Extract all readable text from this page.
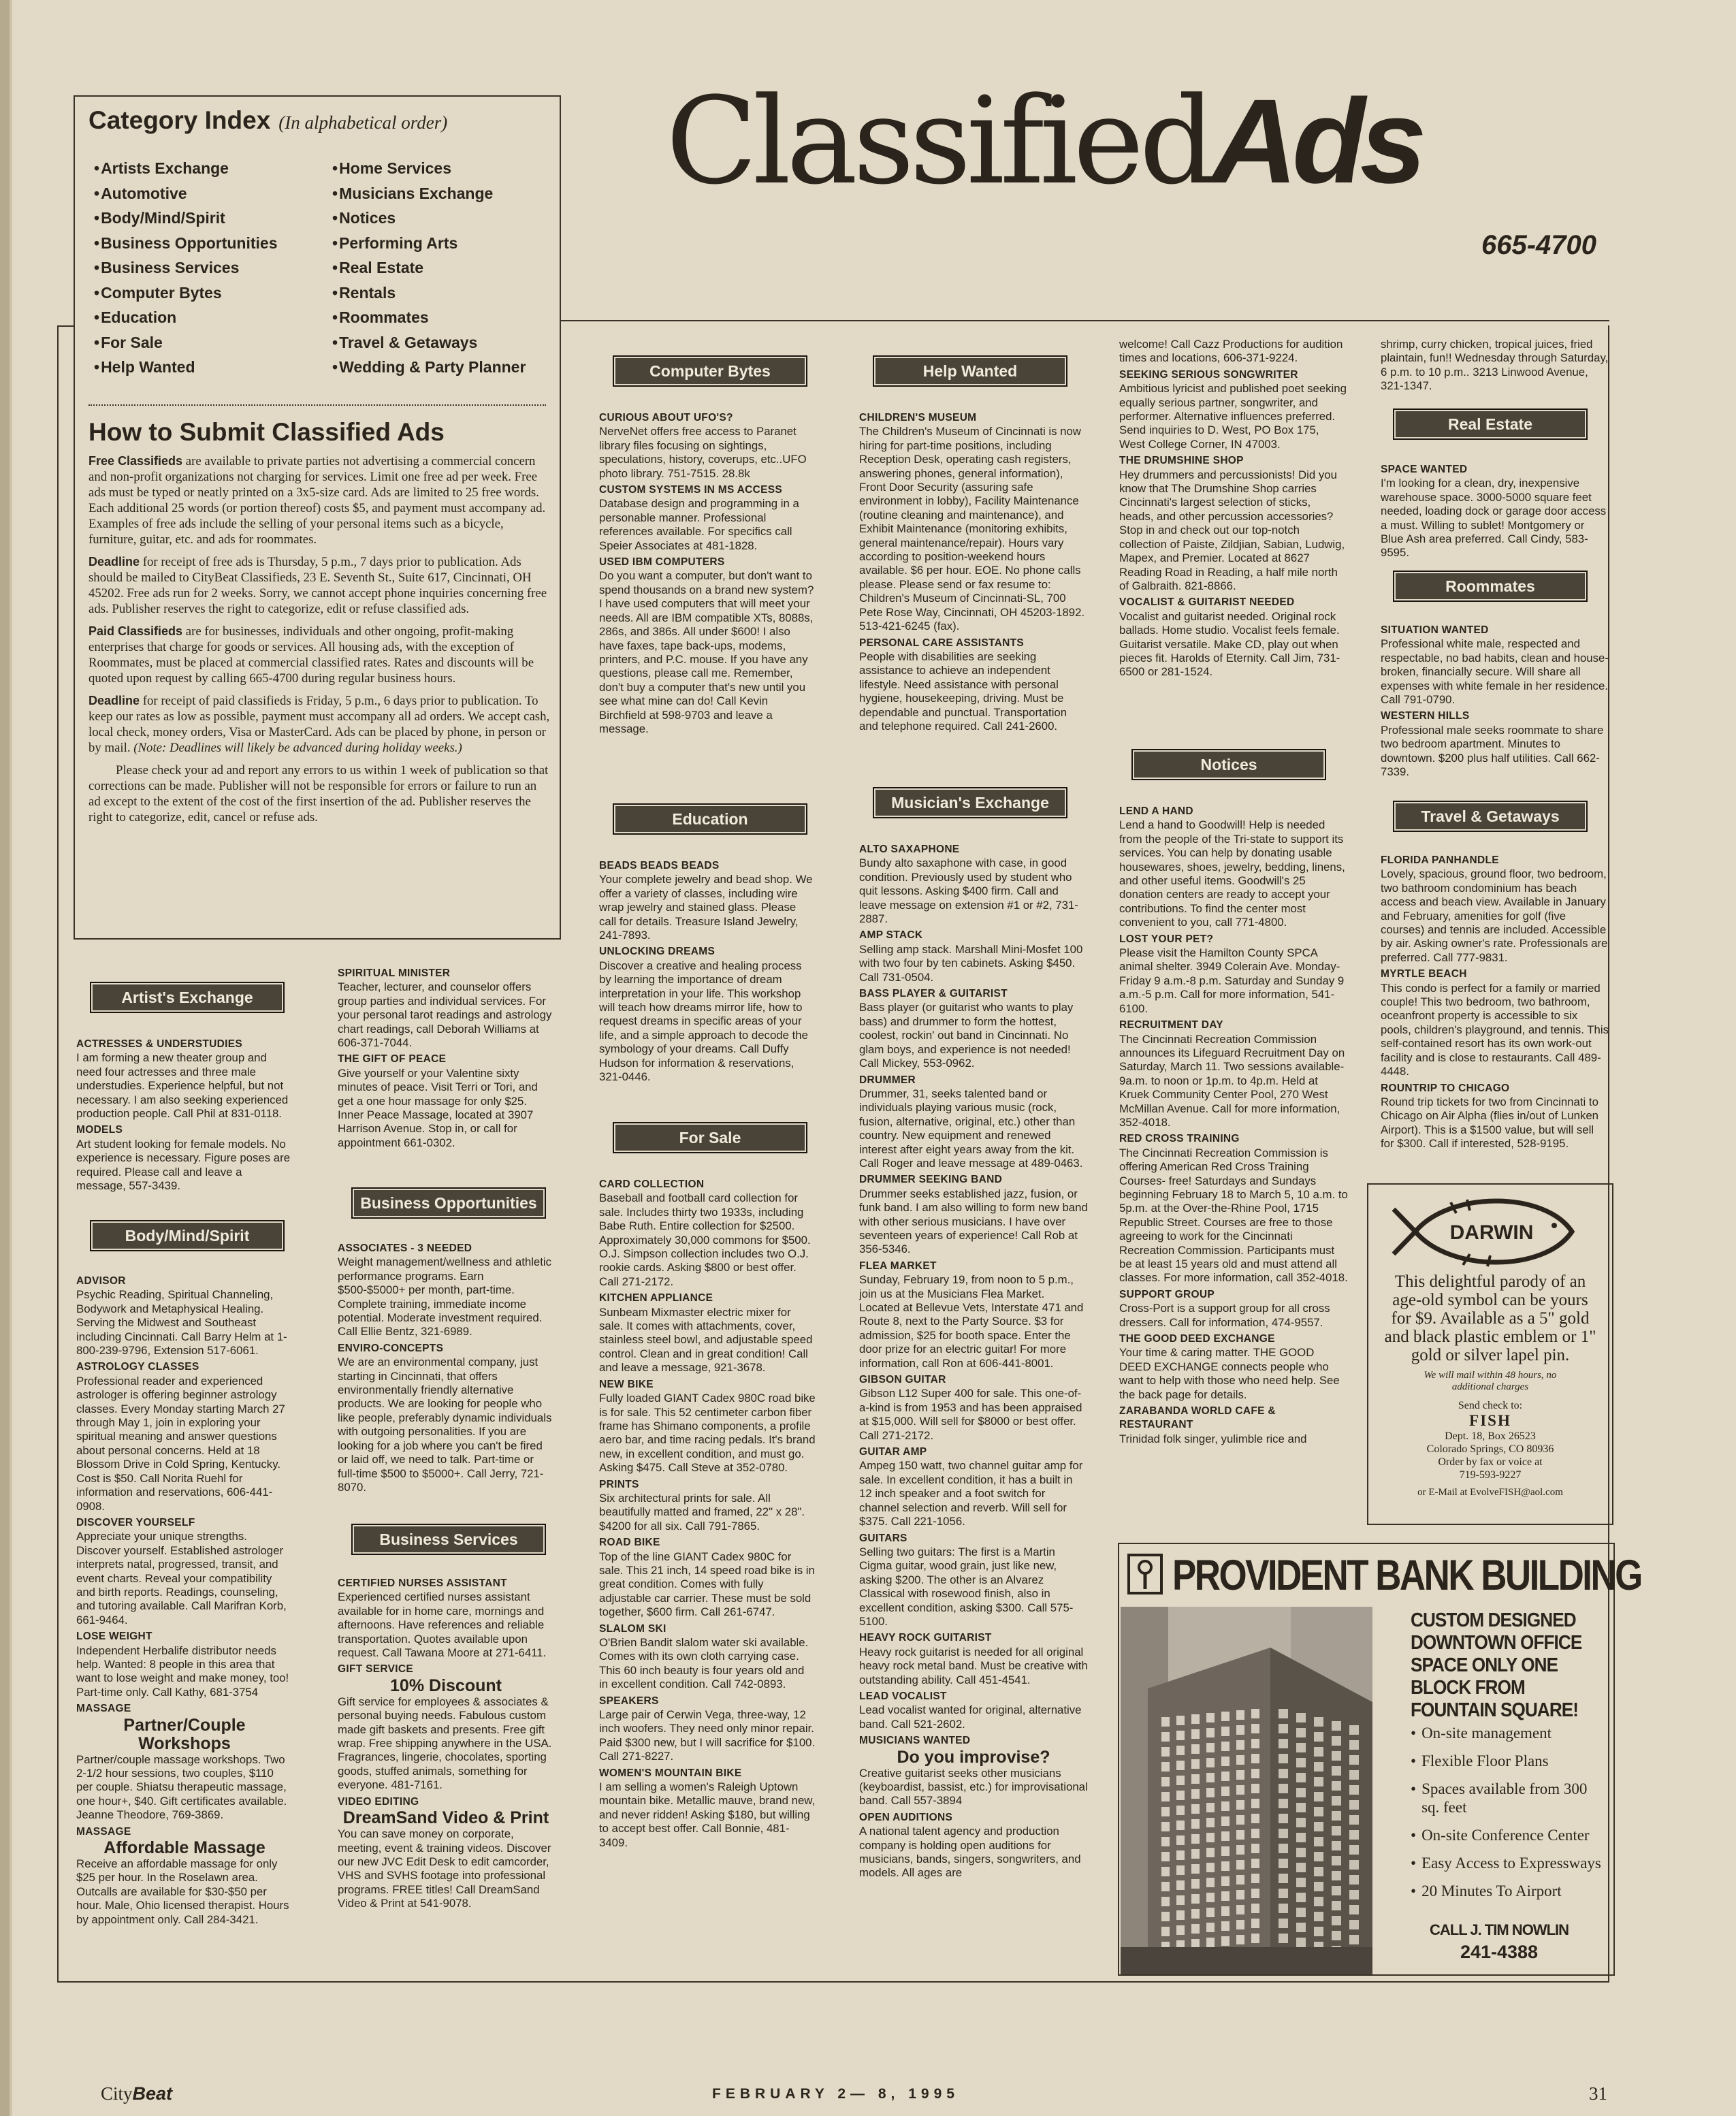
Category Index (In alphabetical order)
• Artists Exchange
• Automotive
• Body/Mind/Spirit
• Business Opportunities
• Business Services
• Computer Bytes
• Education
• For Sale
• Help Wanted
• Home Services
• Musicians Exchange
• Notices
• Performing Arts
• Real Estate
• Rentals
• Roommates
• Travel & Getaways
• Wedding & Party Planner
How to Submit Classified Ads

Free Classifieds are available to private parties not advertising a commercial concern and non-profit organizations not charging for services. Limit one free ad per week. Free ads must be typed or neatly printed on a 3x5-size card. Ads are limited to 25 free words. Each additional 25 words (or portion thereof) costs $5, and payment must accompany ad. Examples of free ads include the selling of your personal items such as a bicycle, furniture, guitar, etc. and ads for roommates.

Deadline for receipt of free ads is Thursday, 5 p.m., 7 days prior to publication. Ads should be mailed to CityBeat Classifieds, 23 E. Seventh St., Suite 617, Cincinnati, OH 45202. Free ads run for 2 weeks. Sorry, we cannot accept phone inquiries concerning free ads. Publisher reserves the right to categorize, edit or refuse classified ads.

Paid Classifieds are for businesses, individuals and other ongoing, profit-making enterprises that charge for goods or services. All housing ads, with the exception of Roommates, must be placed at commercial classified rates. Rates and discounts will be quoted upon request by calling 665-4700 during regular business hours.

Deadline for receipt of paid classifieds is Friday, 5 p.m., 6 days prior to publication. To keep our rates as low as possible, payment must accompany all ad orders. We accept cash, local check, money orders, Visa or MasterCard. Ads can be placed by phone, in person or by mail. (Note: Deadlines will likely be advanced during holiday weeks.)

Please check your ad and report any errors to us within 1 week of publication so that corrections can be made. Publisher will not be responsible for errors or failure to run an ad except to the extent of the cost of the first insertion of the ad. Publisher reserves the right to categorize, edit, cancel or refuse ads.

ClassifiedAds
665-4700
Artist's Exchange
Body/Mind/Spirit
Business Opportunities
Business Services
Computer Bytes
Education
For Sale
Help Wanted
Musician's Exchange
Notices
Real Estate
Roommates
Travel & Getaways
ACTRESSES & UNDERSTUDIES
I am forming a new theater group and need four actresses and three male understudies. Experience helpful, but not necessary. I am also seeking experienced production people. Call Phil at 831-0118.
MODELS
Art student looking for female models. No experience is necessary. Figure poses are required. Please call and leave a message, 557-3439.
ADVISOR
Psychic Reading, Spiritual Channeling, Bodywork and Metaphysical Healing. Serving the Midwest and Southeast including Cincinnati. Call Barry Helm at 1-800-239-9796, Extension 517-6061.
ASTROLOGY CLASSES
Professional reader and experienced astrologer is offering beginner astrology classes. Every Monday starting March 27 through May 1, join in exploring your spiritual meaning and answer questions about personal concerns. Held at 18 Blossom Drive in Cold Spring, Kentucky. Cost is $50. Call Norita Ruehl for information and reservations, 606-441-0908.
DISCOVER YOURSELF
Appreciate your unique strengths. Discover yourself. Established astrologer interprets natal, progressed, transit, and event charts. Reveal your compatibility and birth reports. Readings, counseling, and tutoring available. Call Marifran Korb, 661-9464.
LOSE WEIGHT
Independent Herbalife distributor needs help. Wanted: 8 people in this area that want to lose weight and make money, too! Part-time only. Call Kathy, 681-3754
MASSAGE
Partner/Couple Workshops
Partner/couple massage workshops. Two 2-1/2 hour sessions, two couples, $110 per couple. Shiatsu therapeutic massage, one hour+, $40. Gift certificates available. Jeanne Theodore, 769-3869.
MASSAGE
Affordable Massage
Receive an affordable massage for only $25 per hour. In the Roselawn area. Outcalls are available for $30-$50 per hour. Male, Ohio licensed therapist. Hours by appointment only. Call 284-3421.
SPIRITUAL MINISTER
Teacher, lecturer, and counselor offers group parties and individual services. For your personal tarot readings and astrology chart readings, call Deborah Williams at 606-371-7044.
THE GIFT OF PEACE
Give yourself or your Valentine sixty minutes of peace. Visit Terri or Tori, and get a one hour massage for only $25. Inner Peace Massage, located at 3907 Harrison Avenue. Stop in, or call for appointment 661-0302.
ASSOCIATES - 3 NEEDED
Weight management/wellness and athletic performance programs. Earn $500-$5000+ per month, part-time. Complete training, immediate income potential. Moderate investment required. Call Ellie Bentz, 321-6989.
ENVIRO-CONCEPTS
We are an environmental company, just starting in Cincinnati, that offers environmentally friendly alternative products. We are looking for people who like people, preferably dynamic individuals with outgoing personalities. If you are looking for a job where you can't be fired or laid off, we need to talk. Part-time or full-time $500 to $5000+. Call Jerry, 721-8070.
CERTIFIED NURSES ASSISTANT
Experienced certified nurses assistant available for in home care, mornings and afternoons. Have references and reliable transportation. Quotes available upon request. Call Tawana Moore at 271-6411.
GIFT SERVICE
10% Discount
Gift service for employees & associates & personal buying needs. Fabulous custom made gift baskets and presents. Free gift wrap. Free shipping anywhere in the USA. Fragrances, lingerie, chocolates, sporting goods, stuffed animals, something for everyone. 481-7161.
VIDEO EDITING
DreamSand Video & Print
You can save money on corporate, meeting, event & training videos. Discover our new JVC Edit Desk to edit camcorder, VHS and SVHS footage into professional programs. FREE titles! Call DreamSand Video & Print at 541-9078.
CURIOUS ABOUT UFO'S?
NerveNet offers free access to Paranet library files focusing on sightings, speculations, history, coverups, etc..UFO photo library. 751-7515. 28.8k
CUSTOM SYSTEMS IN MS ACCESS
Database design and programming in a personable manner. Professional references available. For specifics call Speier Associates at 481-1828.
USED IBM COMPUTERS
Do you want a computer, but don't want to spend thousands on a brand new system? I have used computers that will meet your needs. All are IBM compatible XTs, 8088s, 286s, and 386s. All under $600! I also have faxes, tape back-ups, modems, printers, and P.C. mouse. If you have any questions, please call me. Remember, don't buy a computer that's new until you see what mine can do! Call Kevin Birchfield at 598-9703 and leave a message.
BEADS BEADS BEADS
Your complete jewelry and bead shop. We offer a variety of classes, including wire wrap jewelry and stained glass. Please call for details. Treasure Island Jewelry, 241-7893.
UNLOCKING DREAMS
Discover a creative and healing process by learning the importance of dream interpretation in your life. This workshop will teach how dreams mirror life, how to request dreams in specific areas of your life, and a simple approach to decode the symbology of your dreams. Call Duffy Hudson for information & reservations, 321-0446.
CARD COLLECTION
Baseball and football card collection for sale. Includes thirty two 1933s, including Babe Ruth. Entire collection for $2500. Approximately 30,000 commons for $500. O.J. Simpson collection includes two O.J. rookie cards. Asking $800 or best offer. Call 271-2172.
KITCHEN APPLIANCE
Sunbeam Mixmaster electric mixer for sale. It comes with attachments, cover, stainless steel bowl, and adjustable speed control. Clean and in great condition! Call and leave a message, 921-3678.
NEW BIKE
Fully loaded GIANT Cadex 980C road bike is for sale. This 52 centimeter carbon fiber frame has Shimano components, a profile aero bar, and time racing pedals. It's brand new, in excellent condition, and must go. Asking $475. Call Steve at 352-0780.
PRINTS
Six architectural prints for sale. All beautifully matted and framed, 22" x 28". $4200 for all six. Call 791-7865.
ROAD BIKE
Top of the line GIANT Cadex 980C for sale. This 21 inch, 14 speed road bike is in great condition. Comes with fully adjustable car carrier. These must be sold together, $600 firm. Call 261-6747.
SLALOM SKI
O'Brien Bandit slalom water ski available. Comes with its own cloth carrying case. This 60 inch beauty is four years old and in excellent condition. Call 742-0893.
SPEAKERS
Large pair of Cerwin Vega, three-way, 12 inch woofers. They need only minor repair. Paid $300 new, but I will sacrifice for $100. Call 271-8227.
WOMEN'S MOUNTAIN BIKE
I am selling a women's Raleigh Uptown mountain bike. Metallic mauve, brand new, and never ridden! Asking $180, but willing to accept best offer. Call Bonnie, 481-3409.
CHILDREN'S MUSEUM
The Children's Museum of Cincinnati is now hiring for part-time positions, including Reception Desk, operating cash registers, answering phones, general information), Front Door Security (assuring safe environment in lobby), Facility Maintenance (routine cleaning and maintenance), and Exhibit Maintenance (monitoring exhibits, general maintenance/repair). Hours vary according to position-weekend hours available. $6 per hour. EOE. No phone calls please. Please send or fax resume to: Children's Museum of Cincinnati-SL, 700 Pete Rose Way, Cincinnati, OH 45203-1892. 513-421-6245 (fax).
PERSONAL CARE ASSISTANTS
People with disabilities are seeking assistance to achieve an independent lifestyle. Need assistance with personal hygiene, housekeeping, driving. Must be dependable and punctual. Transportation and telephone required. Call 241-2600.
ALTO SAXAPHONE
Bundy alto saxaphone with case, in good condition. Previously used by student who quit lessons. Asking $400 firm. Call and leave message on extension #1 or #2, 731-2887.
AMP STACK
Selling amp stack. Marshall Mini-Mosfet 100 with two four by ten cabinets. Asking $450. Call 731-0504.
BASS PLAYER & GUITARIST
Bass player (or guitarist who wants to play bass) and drummer to form the hottest, coolest, rockin' out band in Cincinnati. No glam boys, and experience is not needed! Call Mickey, 553-0962.
DRUMMER
Drummer, 31, seeks talented band or individuals playing various music (rock, fusion, alternative, original, etc.) other than country. New equipment and renewed interest after eight years away from the kit. Call Roger and leave message at 489-0463.
DRUMMER SEEKING BAND
Drummer seeks established jazz, fusion, or funk band. I am also willing to form new band with other serious musicians. I have over seventeen years of experience! Call Rob at 356-5346.
FLEA MARKET
Sunday, February 19, from noon to 5 p.m., join us at the Musicians Flea Market. Located at Bellevue Vets, Interstate 471 and Route 8, next to the Party Source. $3 for admission, $25 for booth space. Enter the door prize for an electric guitar! For more information, call Ron at 606-441-8001.
GIBSON GUITAR
Gibson L12 Super 400 for sale. This one-of-a-kind is from 1953 and has been appraised at $15,000. Will sell for $8000 or best offer. Call 271-2172.
GUITAR AMP
Ampeg 150 watt, two channel guitar amp for sale. In excellent condition, it has a built in 12 inch speaker and a foot switch for channel selection and reverb. Will sell for $375. Call 221-1056.
GUITARS
Selling two guitars: The first is a Martin Cigma guitar, wood grain, just like new, asking $200. The other is an Alvarez Classical with rosewood finish, also in excellent condition, asking $300. Call 575-5100.
HEAVY ROCK GUITARIST
Heavy rock guitarist is needed for all original heavy rock metal band. Must be creative with outstanding ability. Call 451-4541.
LEAD VOCALIST
Lead vocalist wanted for original, alternative band. Call 521-2602.
MUSICIANS WANTED
Do you improvise?
Creative guitarist seeks other musicians (keyboardist, bassist, etc.) for improvisational band. Call 557-3894
OPEN AUDITIONS
A national talent agency and production company is holding open auditions for musicians, bands, singers, songwriters, and models. All ages are
welcome! Call Cazz Productions for audition times and locations, 606-371-9224.
SEEKING SERIOUS SONGWRITER
Ambitious lyricist and published poet seeking equally serious partner, songwriter, and performer. Alternative influences preferred. Send inquiries to D. West, PO Box 175, West College Corner, IN 47003.
THE DRUMSHINE SHOP
Hey drummers and percussionists! Did you know that The Drumshine Shop carries Cincinnati's largest selection of sticks, heads, and other percussion accessories? Stop in and check out our top-notch collection of Paiste, Zildjian, Sabian, Ludwig, Mapex, and Premier. Located at 8627 Reading Road in Reading, a half mile north of Galbraith. 821-8866.
VOCALIST & GUITARIST NEEDED
Vocalist and guitarist needed. Original rock ballads. Home studio. Vocalist feels female. Guitarist versatile. Make CD, play out when pieces fit. Harolds of Eternity. Call Jim, 731-6500 or 281-1524.
LEND A HAND
Lend a hand to Goodwill! Help is needed from the people of the Tri-state to support its services. You can help by donating usable housewares, shoes, jewelry, bedding, linens, and other useful items. Goodwill's 25 donation centers are ready to accept your contributions. To find the center most convenient to you, call 771-4800.
LOST YOUR PET?
Please visit the Hamilton County SPCA animal shelter. 3949 Colerain Ave. Monday-Friday 9 a.m.-8 p.m. Saturday and Sunday 9 a.m.-5 p.m. Call for more information, 541-6100.
RECRUITMENT DAY
The Cincinnati Recreation Commission announces its Lifeguard Recruitment Day on Saturday, March 11. Two sessions available- 9a.m. to noon or 1p.m. to 4p.m. Held at Kruek Community Center Pool, 270 West McMillan Avenue. Call for more information, 352-4018.
RED CROSS TRAINING
The Cincinnati Recreation Commission is offering American Red Cross Training Courses- free! Saturdays and Sundays beginning February 18 to March 5, 10 a.m. to 5p.m. at the Over-the-Rhine Pool, 1715 Republic Street. Courses are free to those agreeing to work for the Cincinnati Recreation Commission. Participants must be at least 15 years old and must attend all classes. For more information, call 352-4018.
SUPPORT GROUP
Cross-Port is a support group for all cross dressers. Call for information, 474-9557.
THE GOOD DEED EXCHANGE
Your time & caring matter. THE GOOD DEED EXCHANGE connects people who want to help with those who need help. See the back page for details.
ZARABANDA WORLD CAFE & RESTAURANT
Trinidad folk singer, yulimble rice and
shrimp, curry chicken, tropical juices, fried plaintain, fun!! Wednesday through Saturday, 6 p.m. to 10 p.m.. 3213 Linwood Avenue, 321-1347.
SPACE WANTED
I'm looking for a clean, dry, inexpensive warehouse space. 3000-5000 square feet needed, loading dock or garage door access a must. Willing to sublet! Montgomery or Blue Ash area preferred. Call Cindy, 583-9595.
SITUATION WANTED
Professional white male, respected and respectable, no bad habits, clean and house-broken, financially secure. Will share all expenses with white female in her residence. Call 791-0790.
WESTERN HILLS
Professional male seeks roommate to share two bedroom apartment. Minutes to downtown. $200 plus half utilities. Call 662-7339.
FLORIDA PANHANDLE
Lovely, spacious, ground floor, two bedroom, two bathroom condominium has beach access and beach view. Available in January and February, amenities for golf (five courses) and tennis are included. Accessible by air. Asking owner's rate. Professionals are preferred. Call 777-9831.
MYRTLE BEACH
This condo is perfect for a family or married couple! This two bedroom, two bathroom, oceanfront property is accessible to six pools, children's playground, and tennis. This self-contained resort has its own work-out facility and is close to restaurants. Call 489-4448.
ROUNTRIP TO CHICAGO
Round trip tickets for two from Cincinnati to Chicago on Air Alpha (flies in/out of Lunken Airport). This is a $1500 value, but will sell for $300. Call if interested, 528-9195.
DARWIN
This delightful parody of an age-old symbol can be yours for $9. Available as a 5" gold and black plastic emblem or 1" gold or silver lapel pin.
We will mail within 48 hours, no additional charges
Send check to:
FISH
Dept. 18, Box 26523
Colorado Springs, CO 80936
Order by fax or voice at
719-593-9227
or E-Mail at EvolveFISH@aol.com
PROVIDENT BANK BUILDING
CUSTOM DESIGNED DOWNTOWN OFFICE SPACE ONLY ONE BLOCK FROM FOUNTAIN SQUARE!
• On-site management
• Flexible Floor Plans
• Spaces available from 300 sq. feet
• On-site Conference Center
• Easy Access to Expressways
• 20 Minutes To Airport
CALL J. TIM NOWLIN
241-4388
CityBeat	FEBRUARY 2— 8, 1995	31
